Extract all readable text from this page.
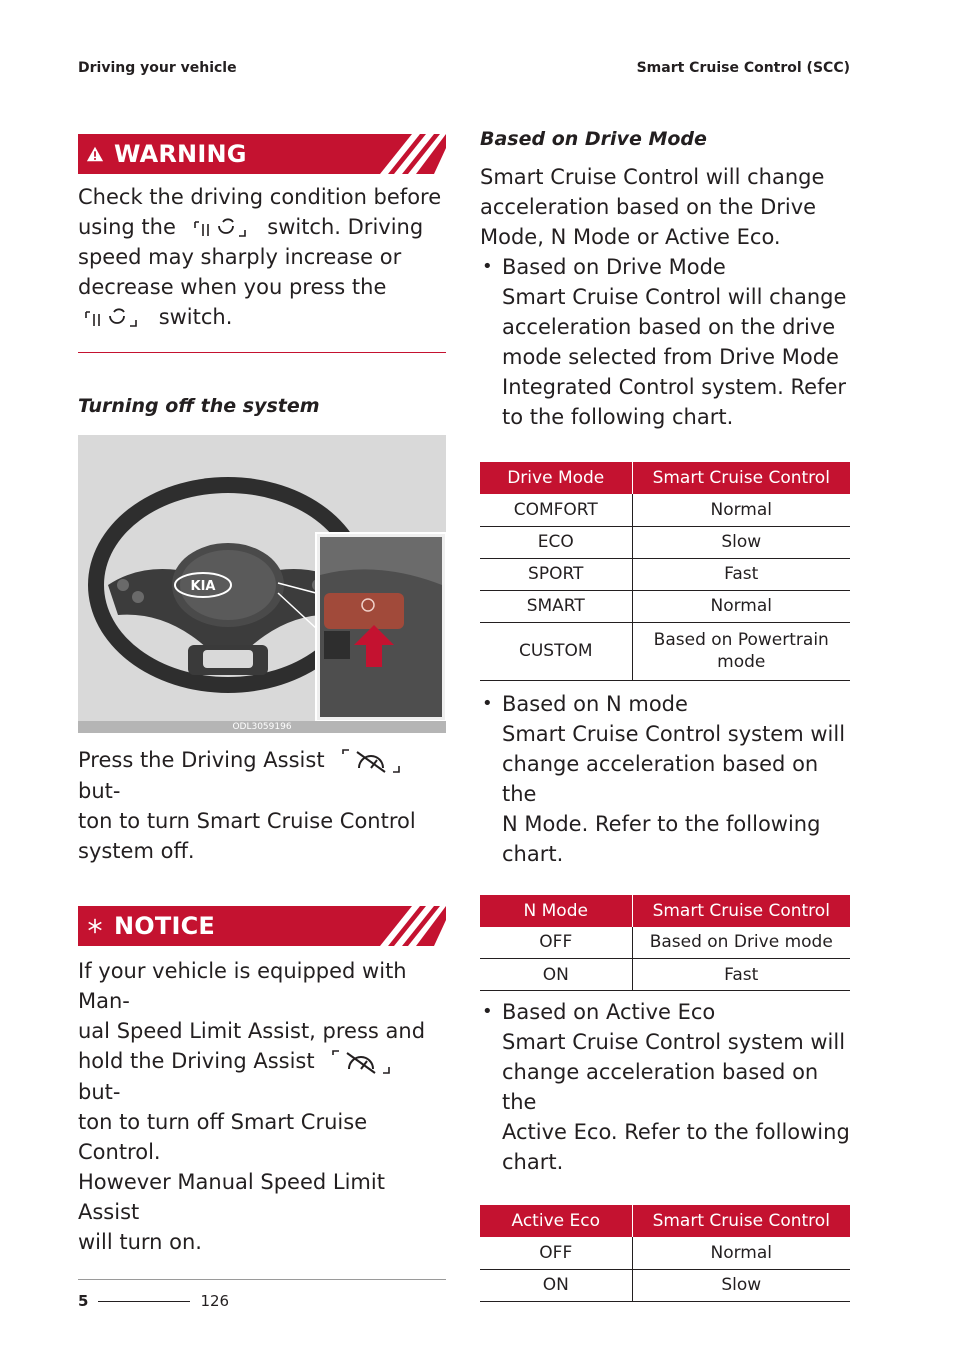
Driving your vehicle	Smart Cruise Control (SCC)
WARNING
Check the driving condition before
using the	switch. Driving
speed may sharply increase or
decrease when you press the
switch.
Turning off the system
KIA
ODL3059196
Press the Driving Assist  but-
ton to turn Smart Cruise Control
system off.
NOTICE
If your vehicle is equipped with Man-
ual Speed Limit Assist, press and
hold the Driving Assist  but-
ton to turn off Smart Cruise Control.
However Manual Speed Limit Assist
will turn on.
Based on Drive Mode
Smart Cruise Control will change
acceleration based on the Drive
Mode, N Mode or Active Eco.
• Based on Drive Mode
Smart Cruise Control will change
acceleration based on the drive
mode selected from Drive Mode
Integrated Control system. Refer
to the following chart.
Drive Mode	Smart Cruise Control
COMFORT	Normal
ECO	Slow
SPORT	Fast
SMART	Normal
CUSTOM	Based on Powertrain
mode
• Based on N mode
Smart Cruise Control system will
change acceleration based on the
N Mode. Refer to the following
chart.
N Mode	Smart Cruise Control
OFF	Based on Drive mode
ON	Fast
• Based on Active Eco
Smart Cruise Control system will
change acceleration based on the
Active Eco. Refer to the following
chart.
Active Eco	Smart Cruise Control
OFF	Normal
ON	Slow
5	126
